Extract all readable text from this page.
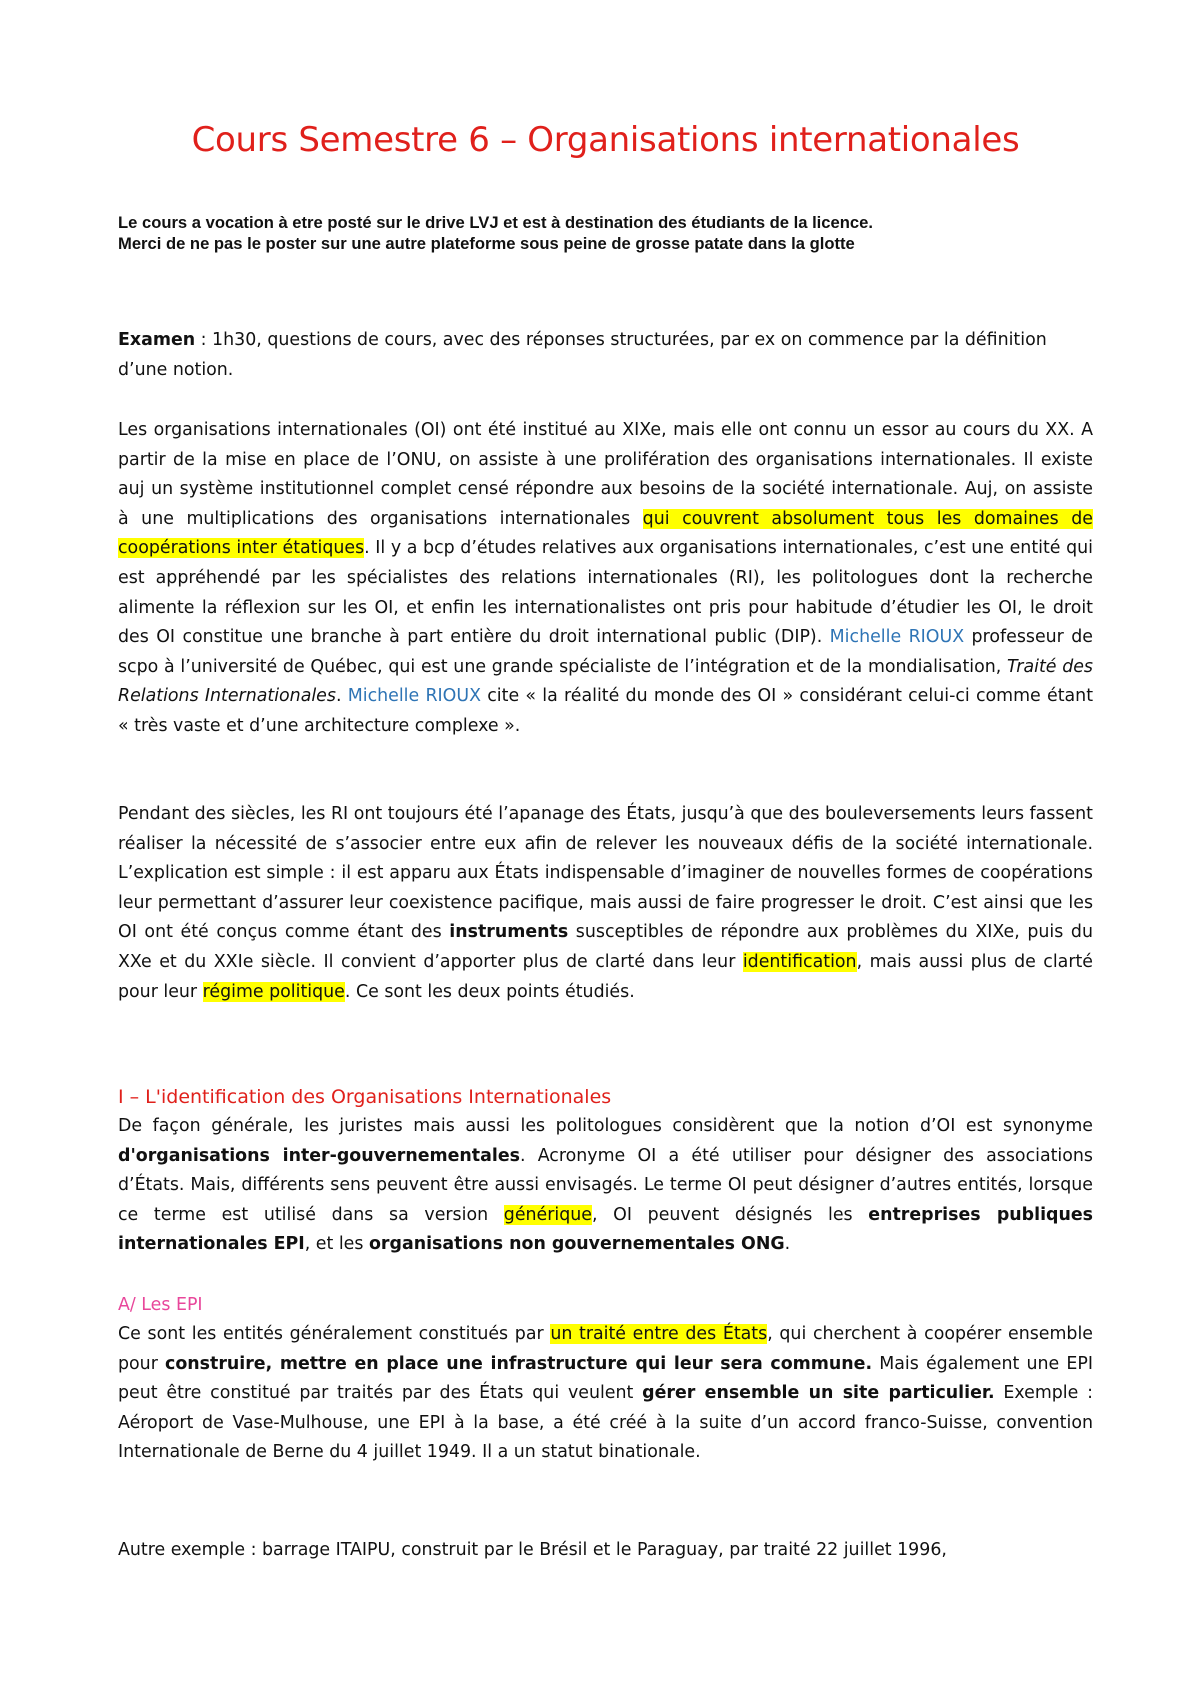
Cours Semestre 6 – Organisations internationales

Le cours a vocation à etre posté sur le drive LVJ et est à destination des étudiants de la licence.

Merci de ne pas le poster sur une autre plateforme sous peine de grosse patate dans la glotte

Examen : 1h30, questions de cours, avec des réponses structurées, par ex on commence par la définition d’une notion.

Les organisations internationales (OI) ont été institué au XIXe, mais elle ont connu un essor au cours du XX. A partir de la mise en place de l’ONU, on assiste à une prolifération des organisations internationales. Il existe auj un système institutionnel complet censé répondre aux besoins de la société internationale. Auj, on assiste à une multiplications des organisations internationales qui couvrent absolument tous les domaines de coopérations inter étatiques. Il y a bcp d’études relatives aux organisations internationales, c’est une entité qui est appréhendé par les spécialistes des relations internationales (RI), les politologues dont la recherche alimente la réflexion sur les OI, et enfin les internationalistes ont pris pour habitude d’étudier les OI, le droit des OI constitue une branche à part entière du droit international public (DIP). Michelle RIOUX professeur de scpo à l’université de Québec, qui est une grande spécialiste de l’intégration et de la mondialisation, Traité des Relations Internationales. Michelle RIOUX cite « la réalité du monde des OI » considérant celui-ci comme étant « très vaste et d’une architecture complexe ».

Pendant des siècles, les RI ont toujours été l’apanage des États, jusqu’à que des bouleversements leurs fassent réaliser la nécessité de s’associer entre eux afin de relever les nouveaux défis de la société internationale. L’explication est simple : il est apparu aux États indispensable d’imaginer de nouvelles formes de coopérations leur permettant d’assurer leur coexistence pacifique, mais aussi de faire progresser le droit. C’est ainsi que les OI ont été conçus comme étant des instruments susceptibles de répondre aux problèmes du XIXe, puis du XXe et du XXIe siècle. Il convient d’apporter plus de clarté dans leur identification, mais aussi plus de clarté pour leur régime politique. Ce sont les deux points étudiés.

I – L'identification des Organisations Internationales

De façon générale, les juristes mais aussi les politologues considèrent que la notion d’OI est synonyme d'organisations inter-gouvernementales. Acronyme OI a été utiliser pour désigner des associations d’États. Mais, différents sens peuvent être aussi envisagés. Le terme OI peut désigner d’autres entités, lorsque ce terme est utilisé dans sa version générique, OI peuvent désignés les entreprises publiques internationales EPI, et les organisations non gouvernementales ONG.

A/ Les EPI

Ce sont les entités généralement constitués par un traité entre des États, qui cherchent à coopérer ensemble pour construire, mettre en place une infrastructure qui leur sera commune. Mais également une EPI peut être constitué par traités par des États qui veulent gérer ensemble un site particulier. Exemple : Aéroport de Vase-Mulhouse, une EPI à la base, a été créé à la suite d’un accord franco-Suisse, convention Internationale de Berne du 4 juillet 1949. Il a un statut binationale.

Autre exemple : barrage ITAIPU, construit par le Brésil et le Paraguay, par traité 22 juillet 1996,
